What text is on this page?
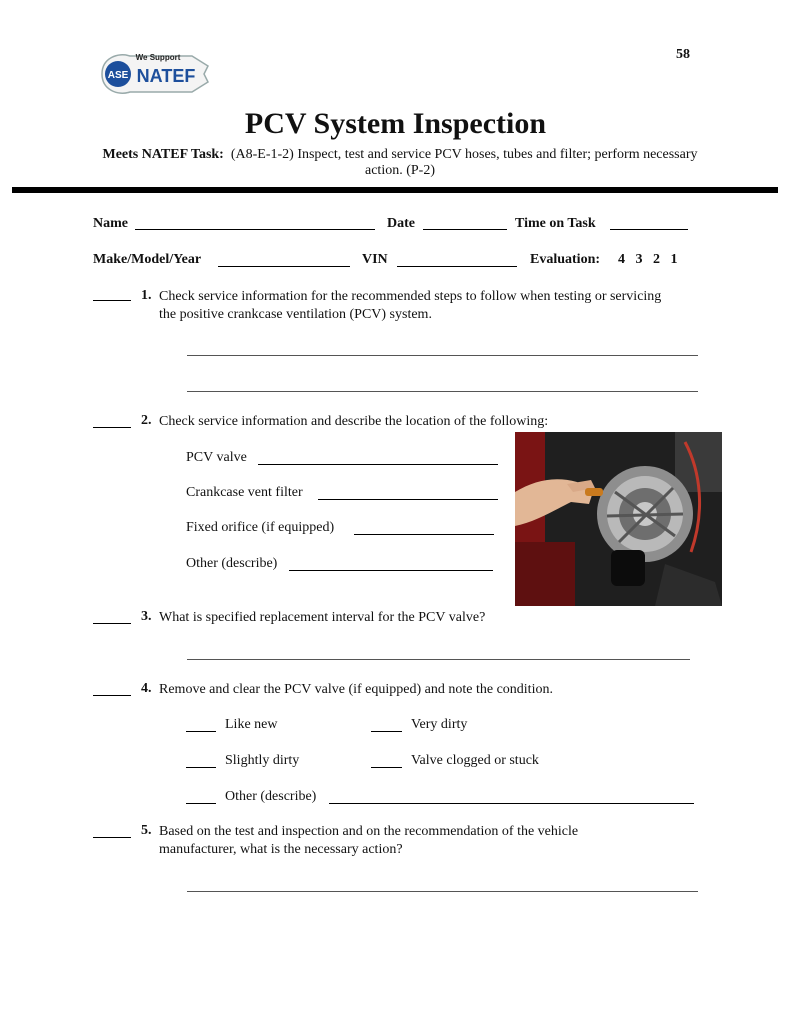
58
ASE
We Support
NATEF
PCV System Inspection
Meets NATEF Task: (A8-E-1-2) Inspect, test and service PCV hoses, tubes and filter; perform necessary action. (P-2)
Name	Date	Time on Task
Make/Model/Year	VIN	Evaluation: 4   3   2   1
1. Check service information for the recommended steps to follow when testing or servicing the positive crankcase ventilation (PCV) system.
2. Check service information and describe the location of the following:
PCV valve
Crankcase vent filter
Fixed orifice (if equipped)
Other (describe)
3. What is specified replacement interval for the PCV valve?
4. Remove and clear the PCV valve (if equipped) and note the condition.
Like new	Very dirty
Slightly dirty	Valve clogged or stuck
Other (describe)
5. Based on the test and inspection and on the recommendation of the vehicle manufacturer, what is the necessary action?
